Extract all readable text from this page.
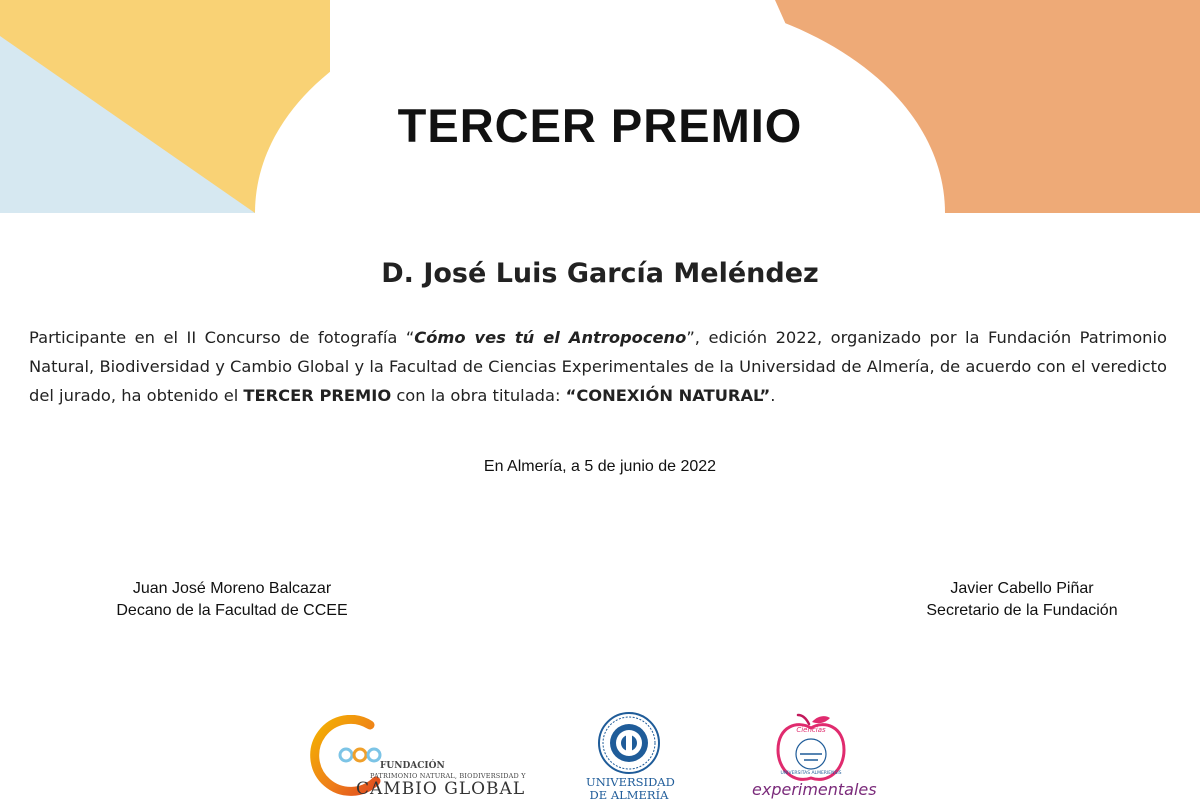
TERCER PREMIO
D. José Luis García Meléndez

Participante en el II Concurso de fotografía “Cómo ves tú el Antropoceno”, edición 2022, organizado por la Fundación Patrimonio Natural, Biodiversidad y Cambio Global y la Facultad de Ciencias Experimentales de la Universidad de Almería, de acuerdo con el veredicto del jurado, ha obtenido el TERCER PREMIO con la obra titulada: “CONEXIÓN NATURAL”.

En Almería, a 5 de junio de 2022
Juan José Moreno Balcazar
Decano de la Facultad de CCEE
Javier Cabello Piñar
Secretario de la Fundación
FUNDACIÓN
PATRIMONIO NATURAL, BIODIVERSIDAD Y
CAMBIO GLOBAL	UNIVERSIDAD
DE ALMERÍA
Ciencias
UNIVERSITAS ALMERIENSIS
experimentales
